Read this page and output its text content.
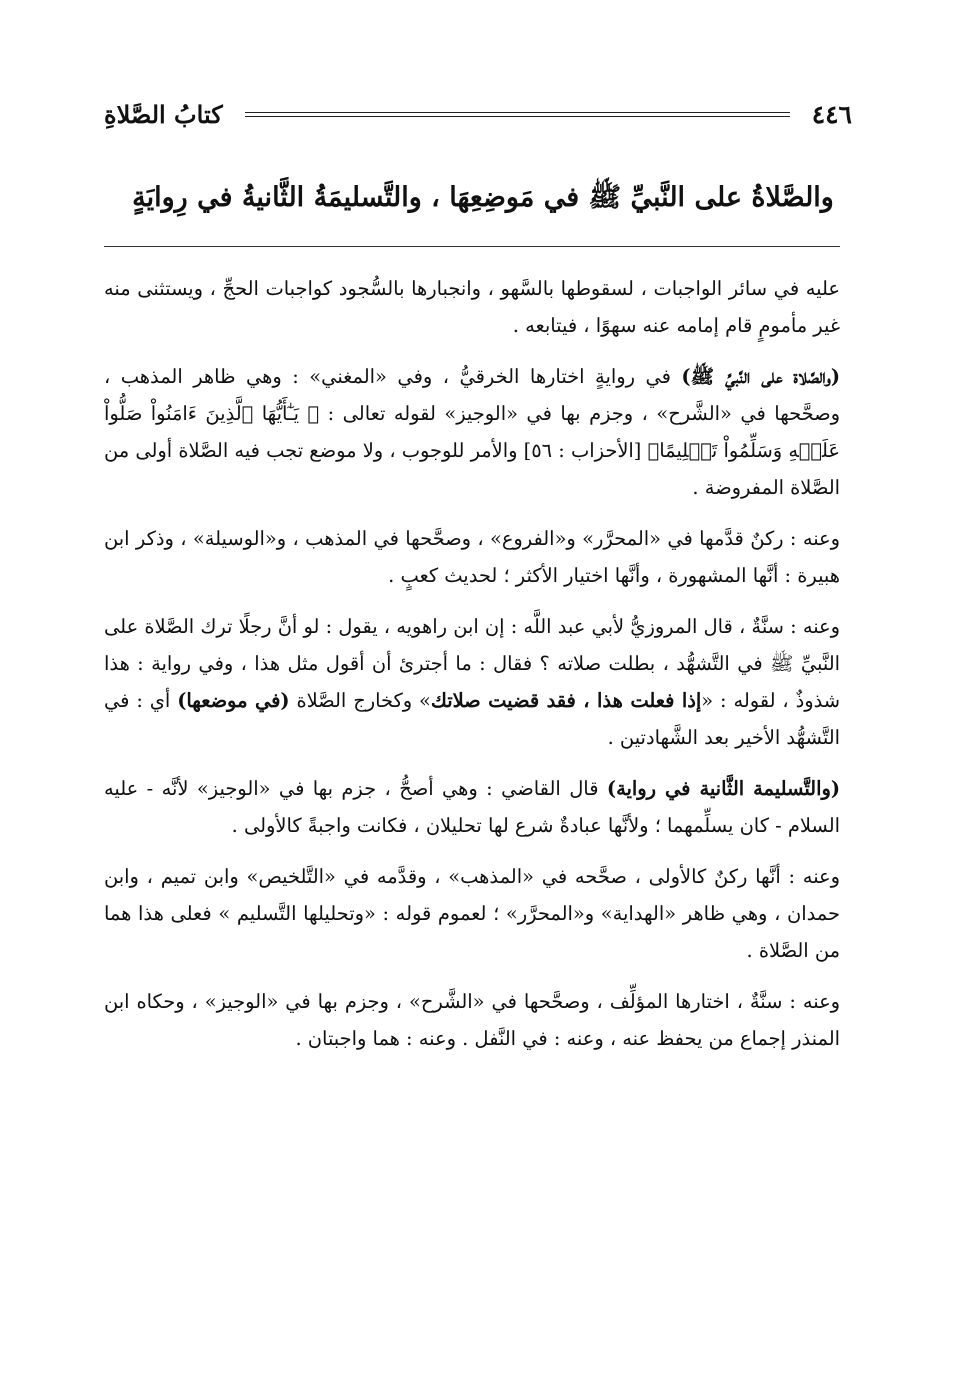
٤٤٦
كتابُ الصَّلاةِ
والصَّلاةُ على النَّبيِّ ﷺ في مَوضِعِهَا ، والتَّسليمَةُ الثَّانيةُ في رِوايَةٍ

عليه في سائر الواجبات ، لسقوطها بالسَّهو ، وانجبارها بالسُّجود كواجبات الحجِّ ، ويستثنى منه غير مأمومٍ قام إمامه عنه سهوًا ، فيتابعه .

(والصَّلاة على النَّبيِّ ﷺ) في روايةٍ اختارها الخرقيُّ ، وفي «المغني» : وهي ظاهر المذهب ، وصحَّحها في «الشَّرح» ، وجزم بها في «الوجيز» لقوله تعالى : ﴿ يَـٰٓأَيُّهَا ٱلَّذِينَ ءَامَنُواْ صَلُّواْ عَلَيۡهِ وَسَلِّمُواْ تَسۡلِيمًا﴾ [الأحزاب : ٥٦] والأمر للوجوب ، ولا موضع تجب فيه الصَّلاة أولى من الصَّلاة المفروضة .

وعنه : ركنٌ قدَّمها في «المحرَّر» و«الفروع» ، وصحَّحها في المذهب ، و«الوسيلة» ، وذكر ابن هبيرة : أنَّها المشهورة ، وأنَّها اختيار الأكثر ؛ لحديث كعبٍ .

وعنه : سنَّةٌ ، قال المروزيُّ لأبي عبد اللَّه : إن ابن راهويه ، يقول : لو أنَّ رجلًا ترك الصَّلاة على النَّبيِّ ﷺ في التَّشهُّد ، بطلت صلاته ؟ فقال : ما أجترئ أن أقول مثل هذا ، وفي رواية : هذا شذوذٌ ، لقوله : «إذا فعلت هذا ، فقد قضيت صلاتك» وكخارج الصَّلاة (في موضعها) أي : في التَّشهُّد الأخير بعد الشَّهادتين .

(والتَّسليمة الثَّانية في رواية) قال القاضي : وهي أصحُّ ، جزم بها في «الوجيز» لأنَّه - عليه السلام - كان يسلِّمهما ؛ ولأنَّها عبادةٌ شرع لها تحليلان ، فكانت واجبةً كالأولى .

وعنه : أنَّها ركنٌ كالأولى ، صحَّحه في «المذهب» ، وقدَّمه في «التَّلخيص» وابن تميم ، وابن حمدان ، وهي ظاهر «الهداية» و«المحرَّر» ؛ لعموم قوله : «وتحليلها التَّسليم » فعلى هذا هما من الصَّلاة .

وعنه : سنَّةٌ ، اختارها المؤلِّف ، وصحَّحها في «الشَّرح» ، وجزم بها في «الوجيز» ، وحكاه ابن المنذر إجماع من يحفظ عنه ، وعنه : في النَّفل . وعنه : هما واجبتان .
